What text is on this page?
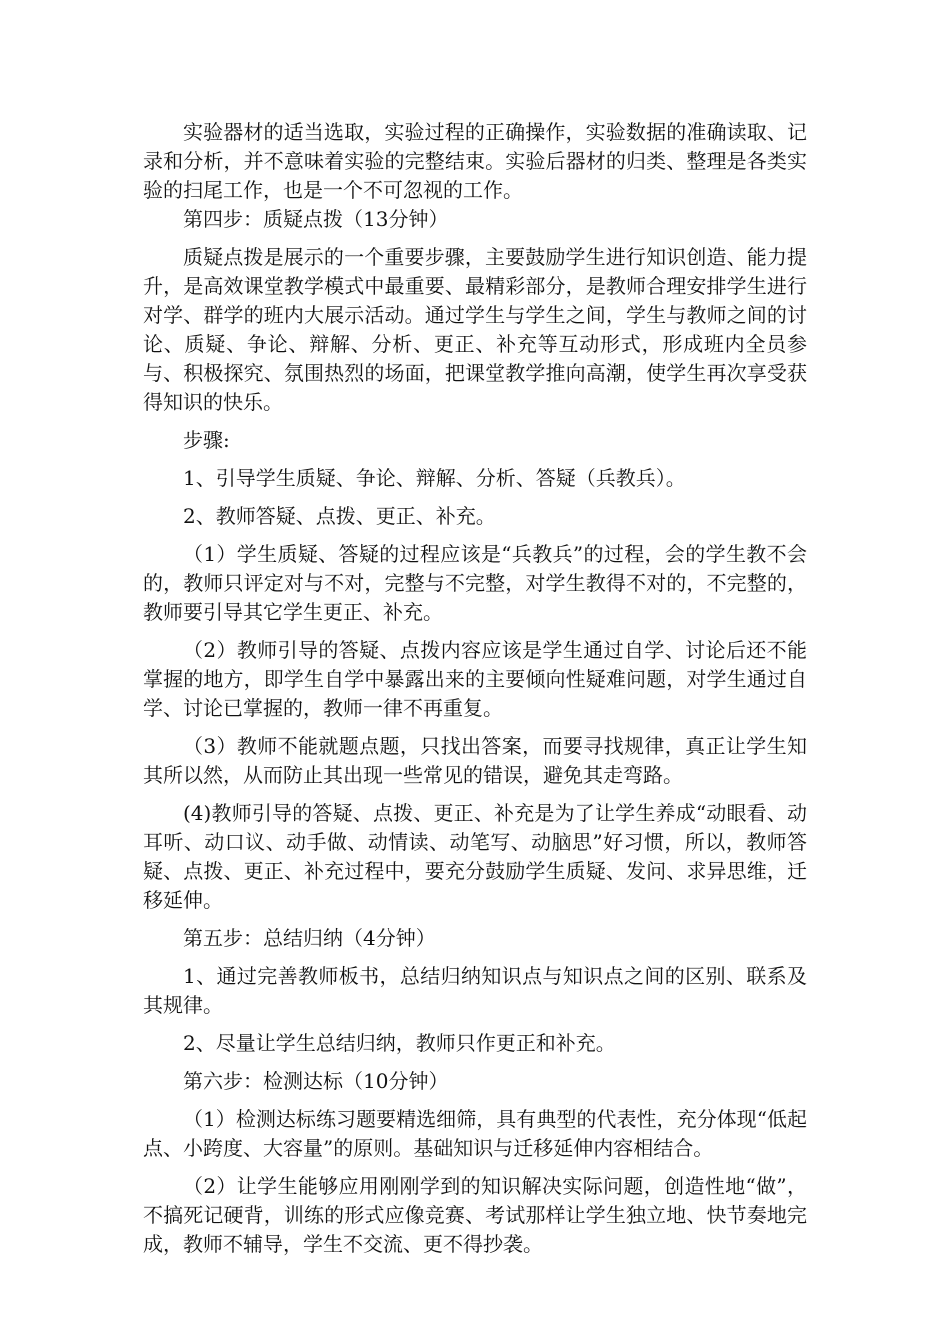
实验器材的适当选取，实验过程的正确操作，实验数据的准确读取、记录和分析，并不意味着实验的完整结束。实验后器材的归类、整理是各类实验的扫尾工作，也是一个不可忽视的工作。

第四步：质疑点拨（13分钟）

质疑点拨是展示的一个重要步骤，主要鼓励学生进行知识创造、能力提升，是高效课堂教学模式中最重要、最精彩部分，是教师合理安排学生进行对学、群学的班内大展示活动。通过学生与学生之间，学生与教师之间的讨论、质疑、争论、辩解、分析、更正、补充等互动形式，形成班内全员参与、积极探究、氛围热烈的场面，把课堂教学推向高潮，使学生再次享受获得知识的快乐。

步骤:

1、引导学生质疑、争论、辩解、分析、答疑（兵教兵）。

2、教师答疑、点拨、更正、补充。

（1）学生质疑、答疑的过程应该是“兵教兵”的过程，会的学生教不会的，教师只评定对与不对，完整与不完整，对学生教得不对的，不完整的，教师要引导其它学生更正、补充。

（2）教师引导的答疑、点拨内容应该是学生通过自学、讨论后还不能掌握的地方，即学生自学中暴露出来的主要倾向性疑难问题，对学生通过自学、讨论已掌握的，教师一律不再重复。

（3）教师不能就题点题，只找出答案，而要寻找规律，真正让学生知其所以然，从而防止其出现一些常见的错误，避免其走弯路。

(4)教师引导的答疑、点拨、更正、补充是为了让学生养成“动眼看、动耳听、动口议、动手做、动情读、动笔写、动脑思”好习惯，所以，教师答疑、点拨、更正、补充过程中，要充分鼓励学生质疑、发问、求异思维，迁移延伸。

第五步：总结归纳（4分钟）

1、通过完善教师板书，总结归纳知识点与知识点之间的区别、联系及其规律。

2、尽量让学生总结归纳，教师只作更正和补充。

第六步：检测达标（10分钟）

（1）检测达标练习题要精选细筛，具有典型的代表性，充分体现“低起点、小跨度、大容量”的原则。基础知识与迁移延伸内容相结合。

（2）让学生能够应用刚刚学到的知识解决实际问题，创造性地“做”，不搞死记硬背，训练的形式应像竞赛、考试那样让学生独立地、快节奏地完成，教师不辅导，学生不交流、更不得抄袭。
